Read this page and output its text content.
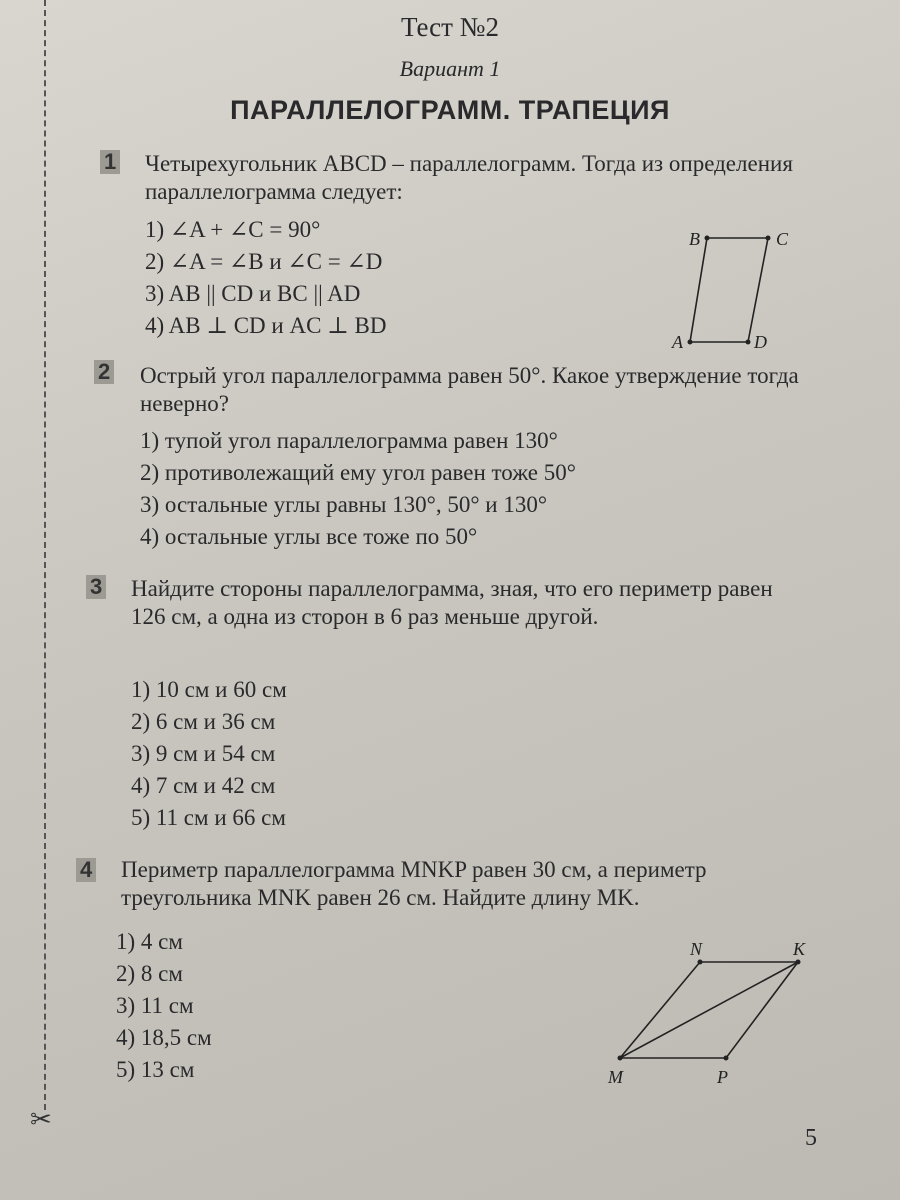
✂
Тест №2
Вариант 1
ПАРАЛЛЕЛОГРАММ. ТРАПЕЦИЯ
1 Четырехугольник ABCD – параллелограмм. Тогда из определения параллелограмма следует:

1) ∠A + ∠C = 90°
2) ∠A = ∠B и ∠C = ∠D
3) AB || CD и BC || AD
4) AB ⊥ CD и AC ⊥ BD
B	C
A	D
2 Острый угол параллелограмма равен 50°. Какое утверждение тогда неверно?

1) тупой угол параллелограмма равен 130°
2) противолежащий ему угол равен тоже 50°
3) остальные углы равны 130°, 50° и 130°
4) остальные углы все тоже по 50°
3 Найдите стороны параллелограмма, зная, что его периметр равен 126 см, а одна из сторон в 6 раз меньше другой.

1) 10 см и 60 см
2) 6 см и 36 см
3) 9 см и 54 см
4) 7 см и 42 см
5) 11 см и 66 см
4 Периметр параллелограмма MNKP равен 30 см, а периметр треугольника MNK равен 26 см. Найдите длину MK.

1) 4 см
2) 8 см
3) 11 см
4) 18,5 см
5) 13 см
N	K
M	P
5
